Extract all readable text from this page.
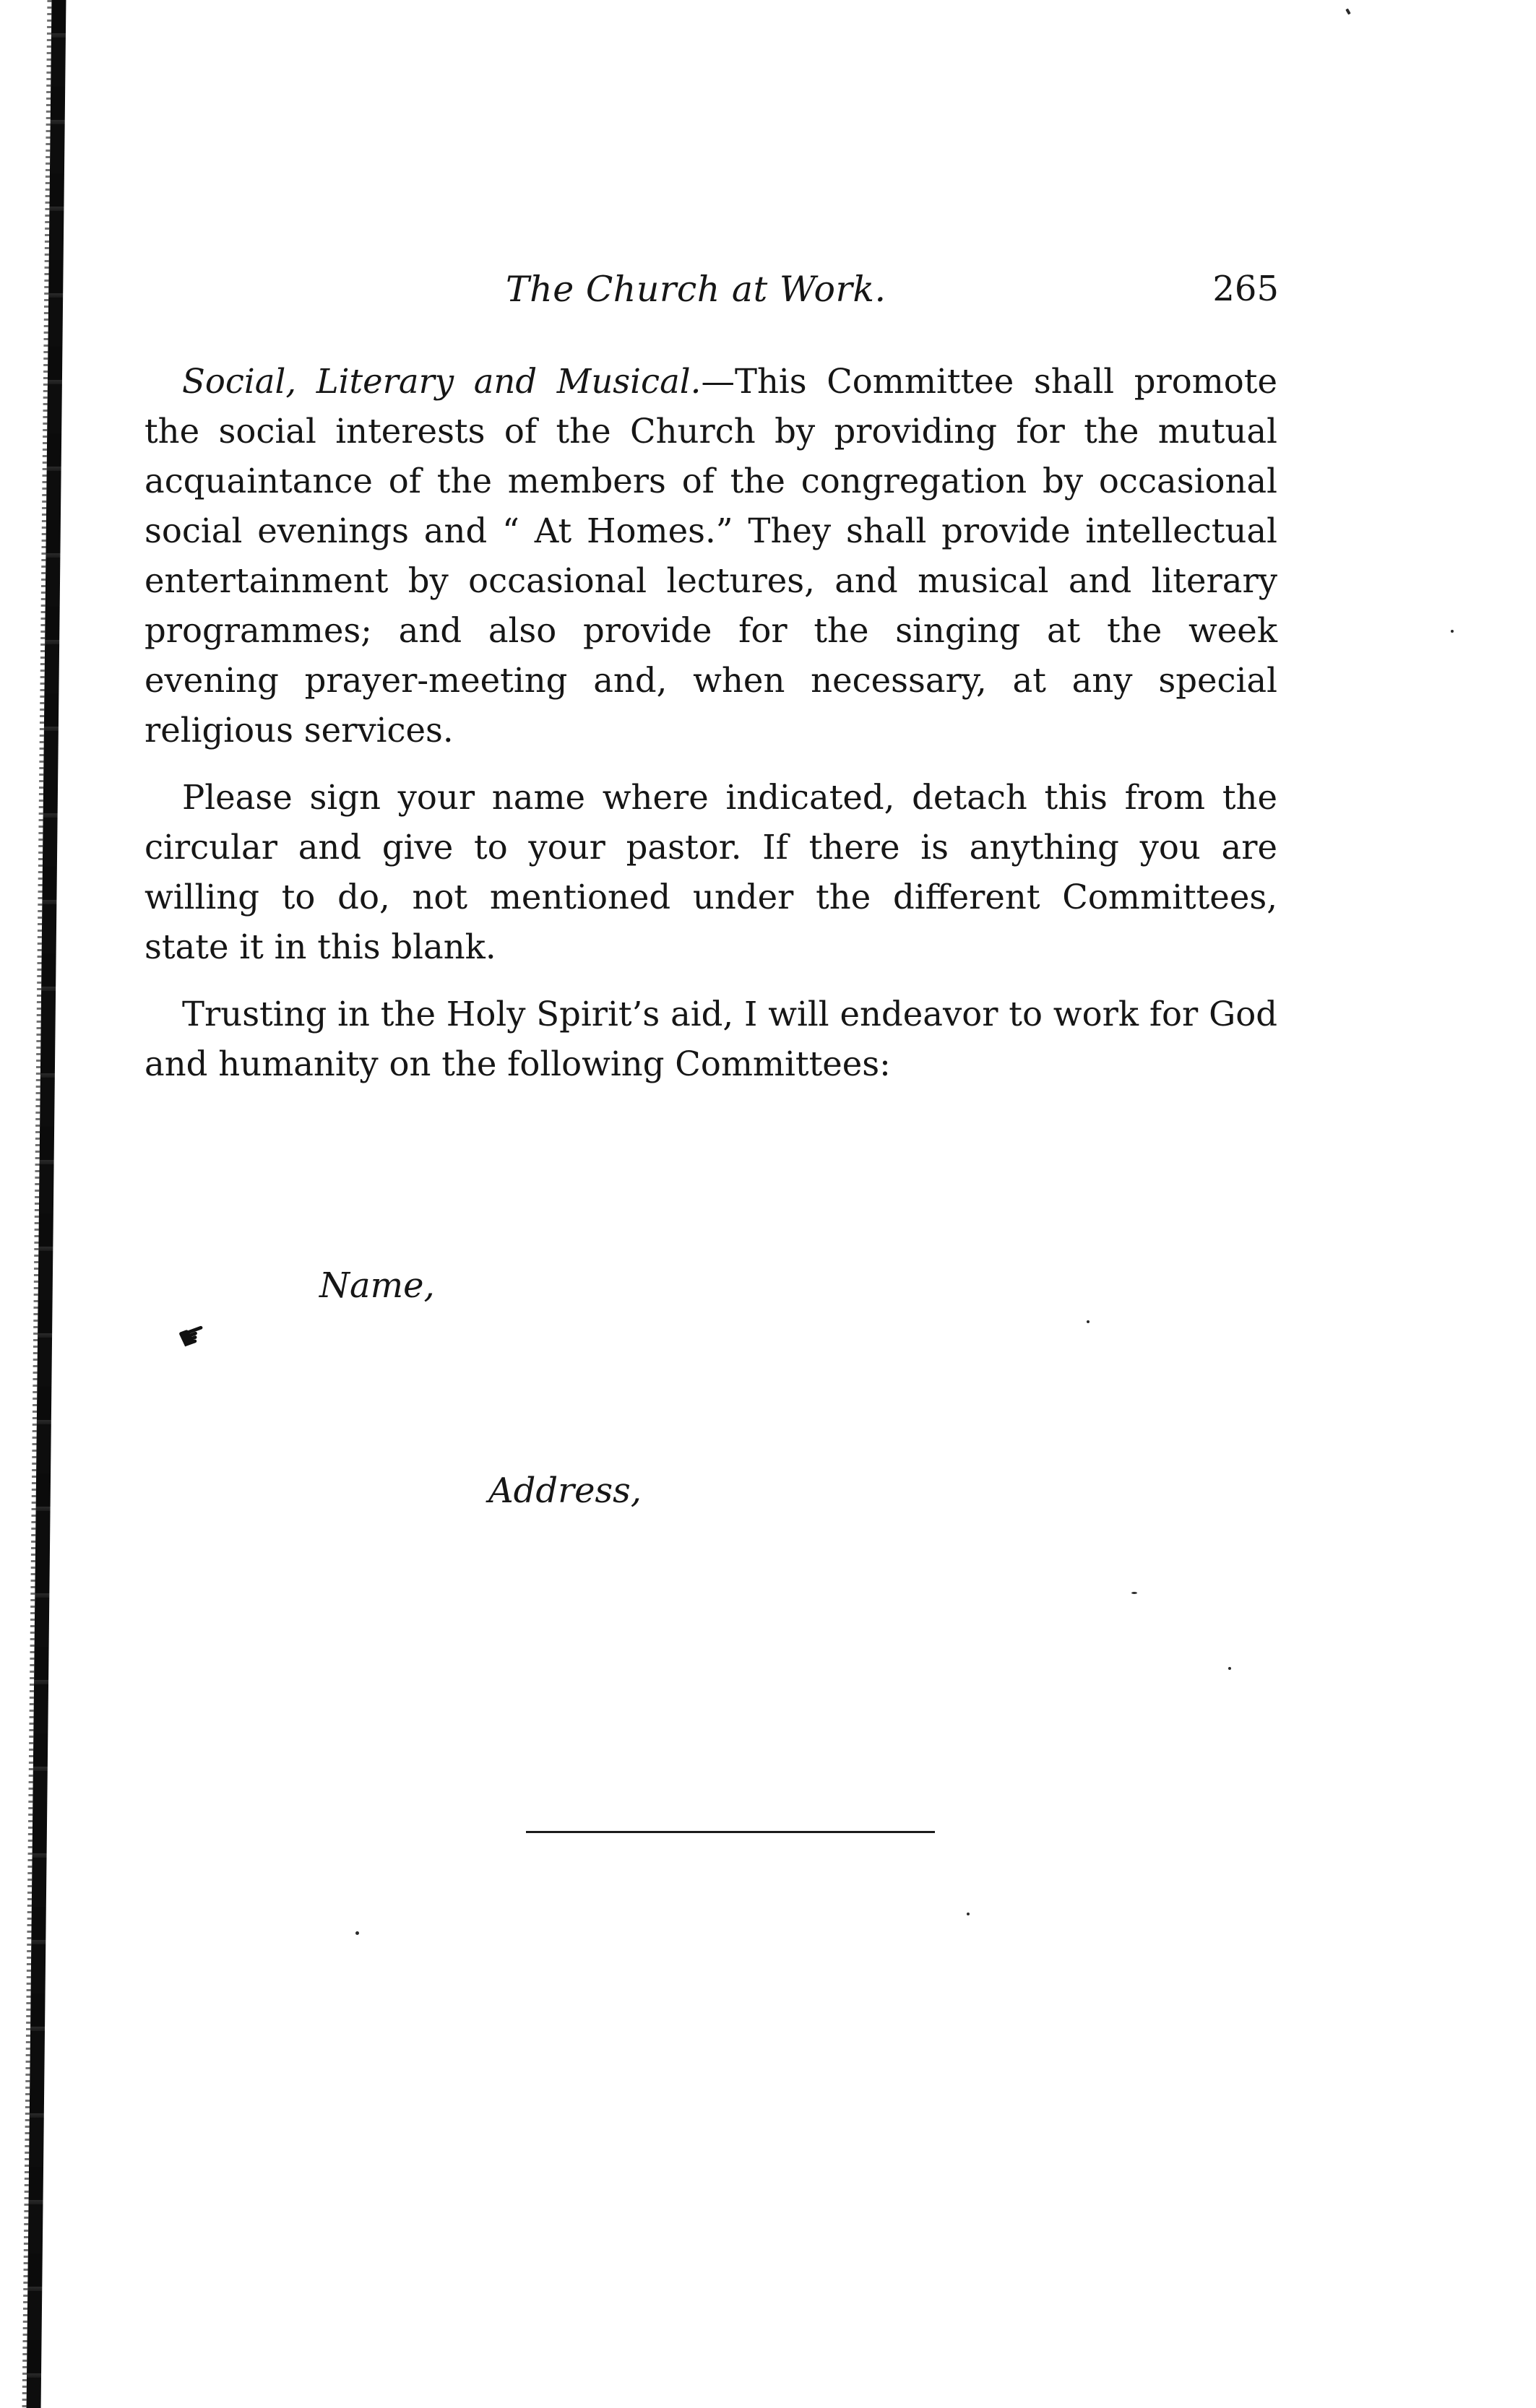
The Church at Work.	265

Social, Literary and Musical.—This Committee shall promote the social interests of the Church by providing for the mutual acquaintance of the members of the congregation by occasional social evenings and “ At Homes.” They shall provide intellectual entertainment by occasional lectures, and musical and literary programmes; and also provide for the singing at the week evening prayer-meeting and, when necessary, at any special religious services.

Please sign your name where indicated, detach this from the circular and give to your pastor. If there is anything you are willing to do, not mentioned under the different Committees, state it in this blank.

Trusting in the Holy Spirit’s aid, I will endeavor to work for God and humanity on the following Committees:

Name,
Address,
☛
